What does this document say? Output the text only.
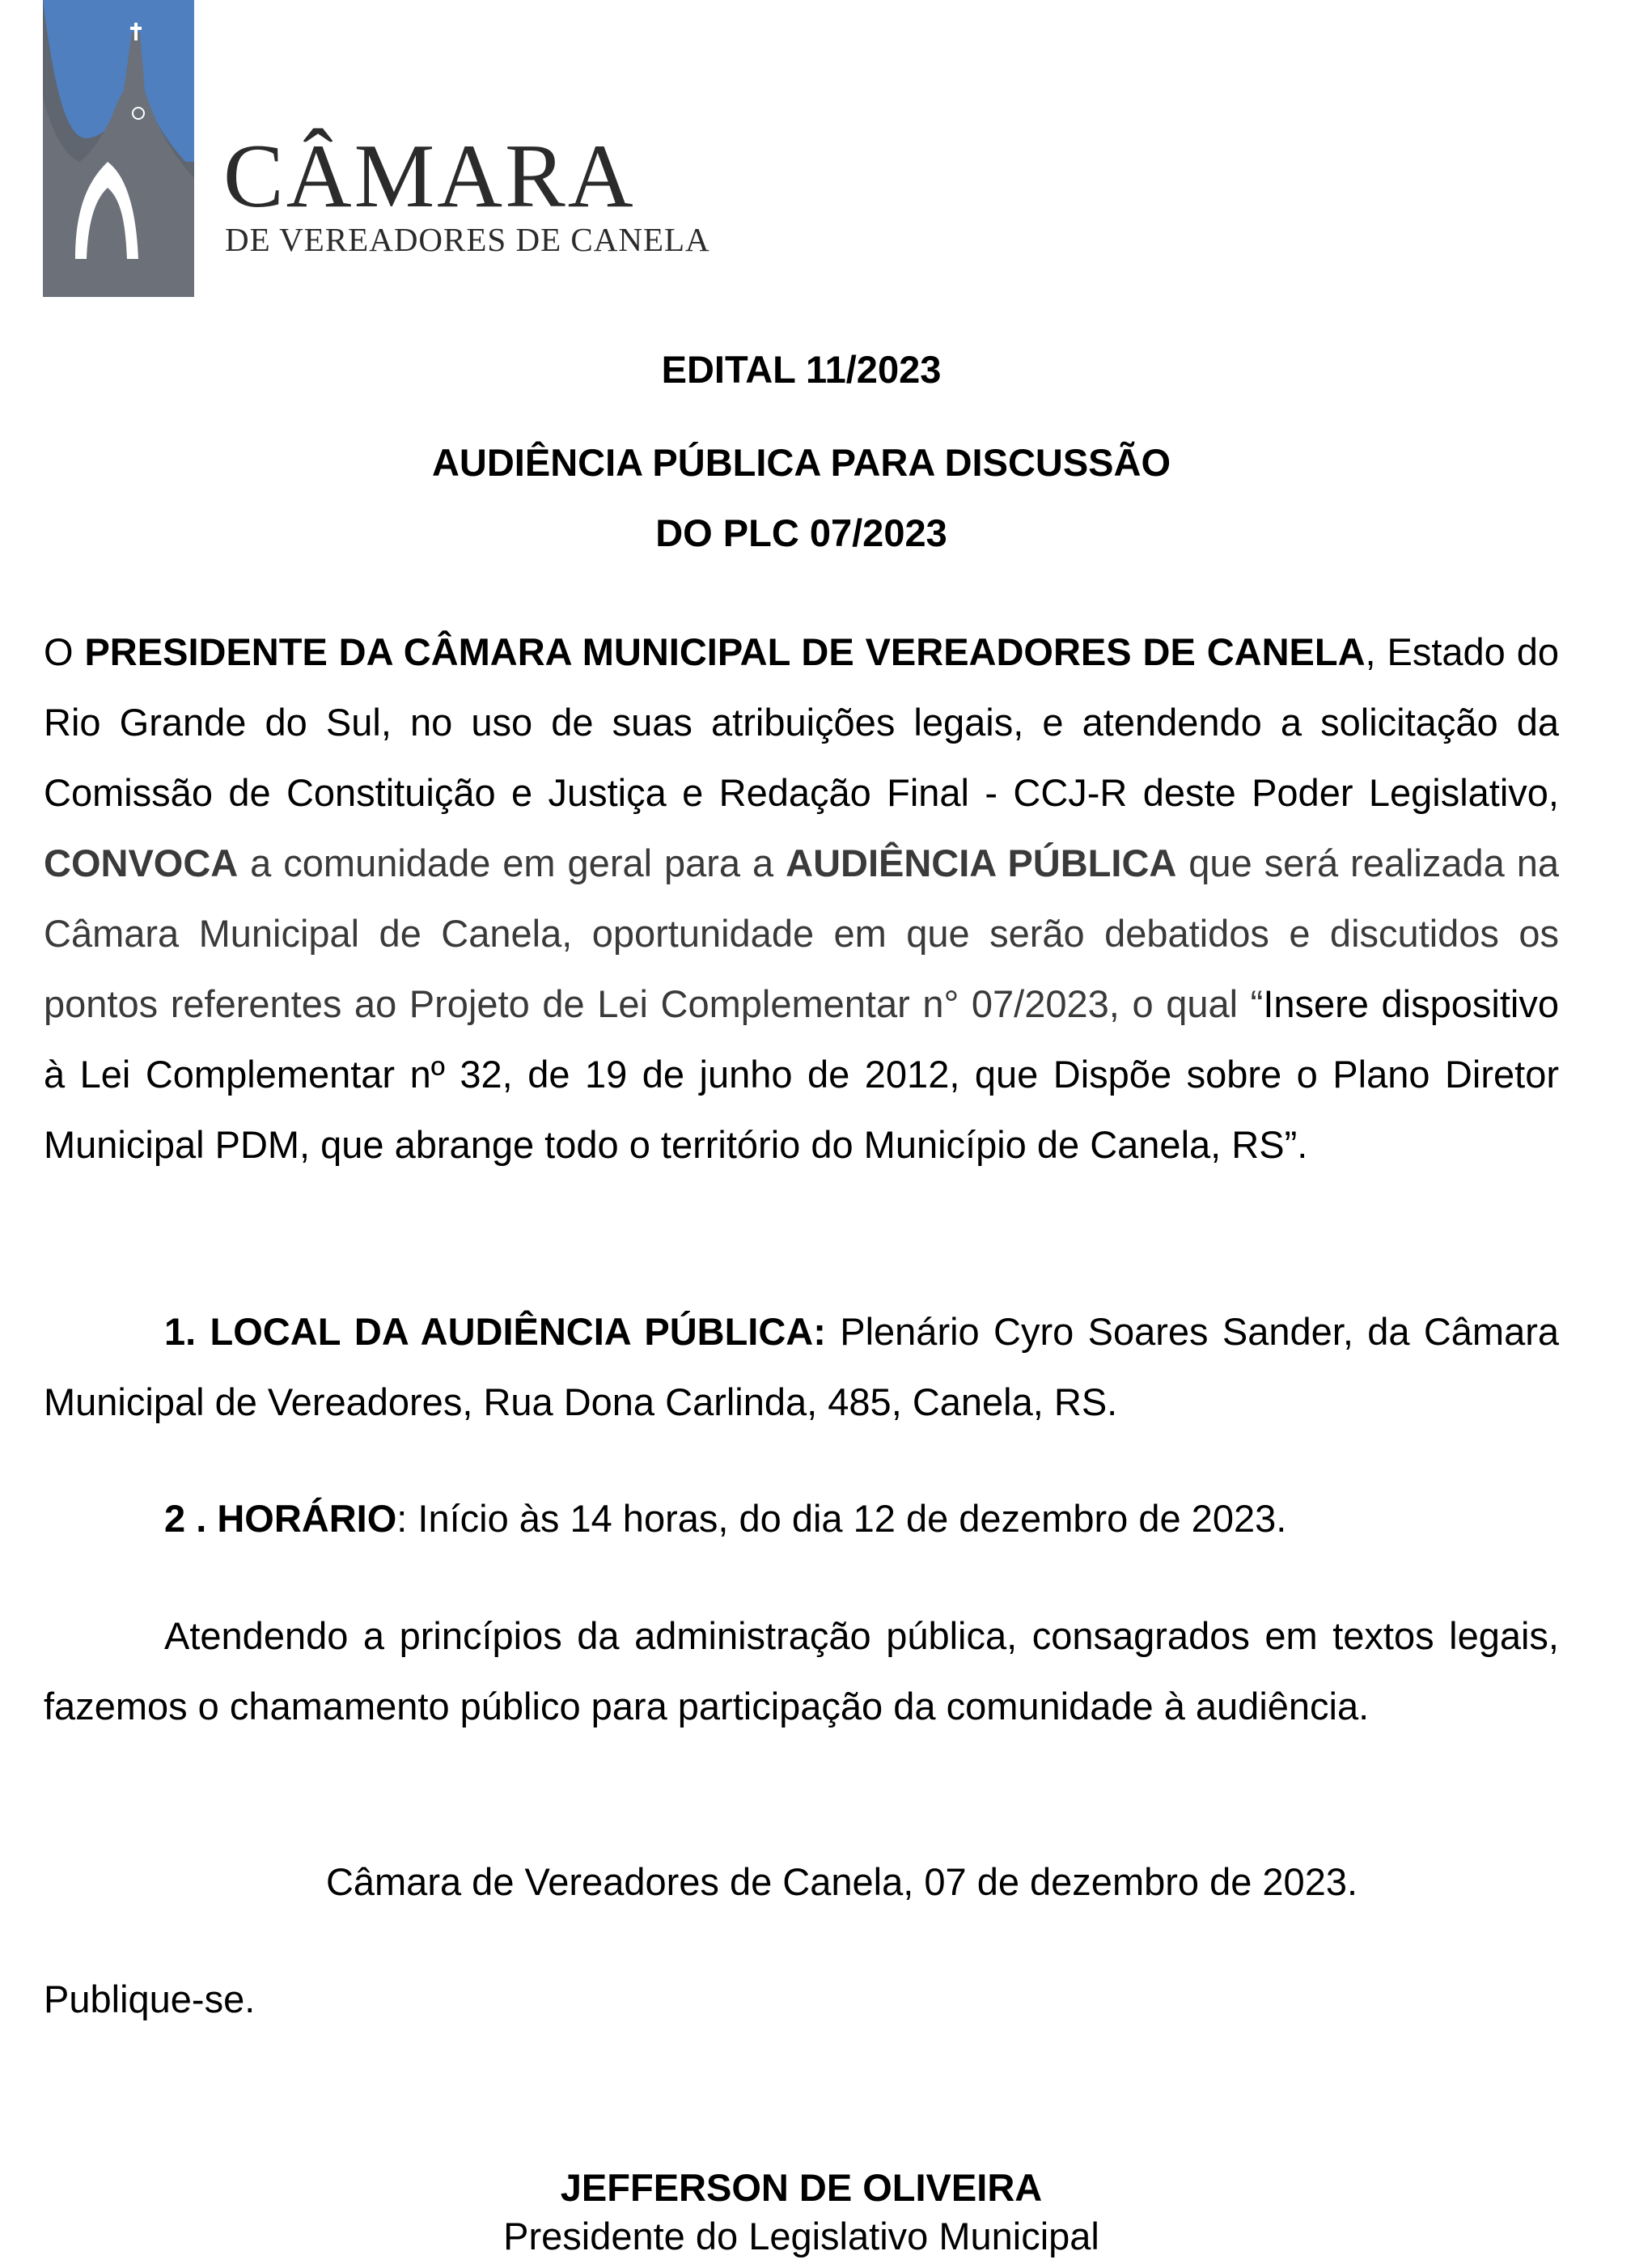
CÂMARA
DE VEREADORES DE CANELA
EDITAL 11/2023
AUDIÊNCIA PÚBLICA PARA DISCUSSÃO
DO PLC 07/2023

O PRESIDENTE DA CÂMARA MUNICIPAL DE VEREADORES DE CANELA, Estado do Rio Grande do Sul, no uso de suas atribuições legais, e atendendo a solicitação da Comissão de Constituição e Justiça e Redação Final - CCJ-R deste Poder Legislativo, CONVOCA a comunidade em geral para a AUDIÊNCIA PÚBLICA que será realizada na Câmara Municipal de Canela, oportunidade em que serão debatidos e discutidos os pontos referentes ao Projeto de Lei Complementar n° 07/2023, o qual “Insere dispositivo à Lei Complementar nº 32, de 19 de junho de 2012, que Dispõe sobre o Plano Diretor Municipal PDM, que abrange todo o território do Município de Canela, RS”.

1. LOCAL DA AUDIÊNCIA PÚBLICA: Plenário Cyro Soares Sander, da Câmara Municipal de Vereadores, Rua Dona Carlinda, 485, Canela, RS.

2 . HORÁRIO: Início às 14 horas, do dia 12 de dezembro de 2023.

Atendendo a princípios da administração pública, consagrados em textos legais, fazemos o chamamento público para participação da comunidade à audiência.
Câmara de Vereadores de Canela, 07 de dezembro de 2023.
Publique-se.
JEFFERSON DE OLIVEIRA
Presidente do Legislativo Municipal
